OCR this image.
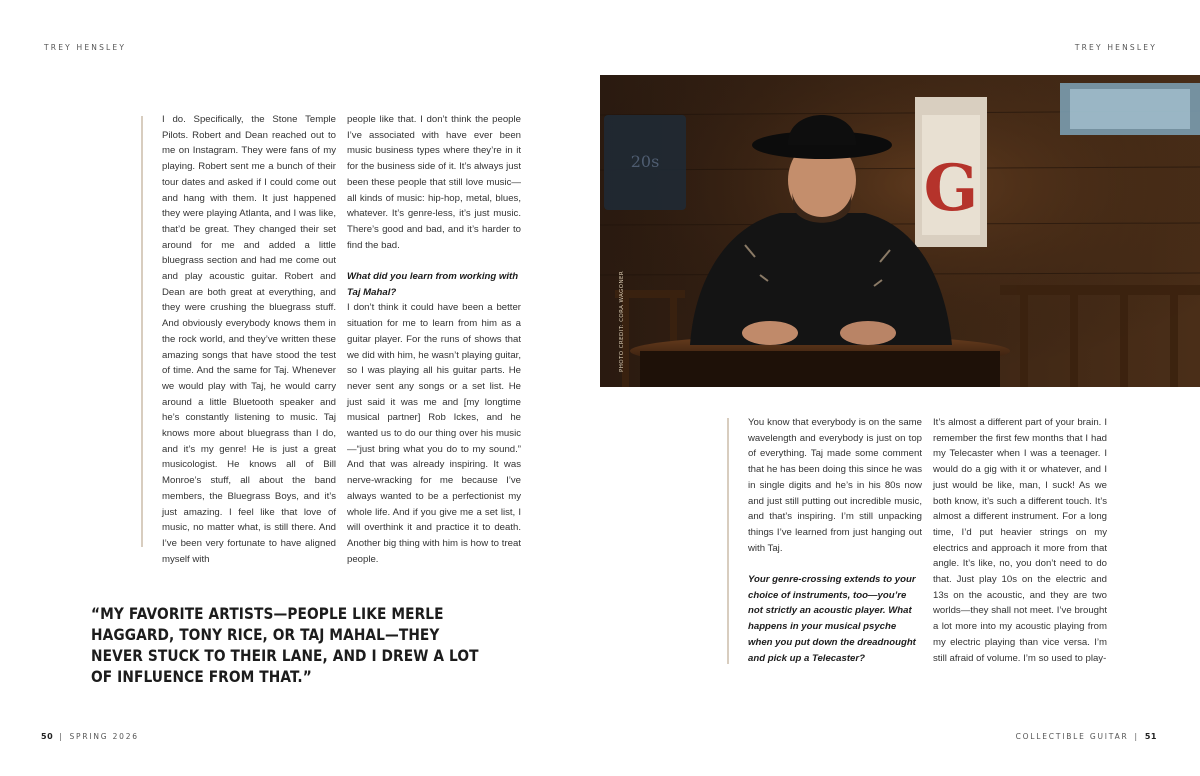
TREY HENSLEY	TREY HENSLEY

I do. Specifically, the Stone Temple Pilots. Robert and Dean reached out to me on Instagram. They were fans of my playing. Robert sent me a bunch of their tour dates and asked if I could come out and hang with them. It just happened they were playing Atlanta, and I was like, that’d be great. They changed their set around for me and added a little bluegrass section and had me come out and play acoustic guitar. Robert and Dean are both great at everything, and they were crushing the bluegrass stuff. And obviously everybody knows them in the rock world, and they’ve written these amazing songs that have stood the test of time. And the same for Taj. Whenever we would play with Taj, he would carry around a little Bluetooth speaker and he’s constantly listening to music. Taj knows more about bluegrass than I do, and it’s my genre! He is just a great musicologist. He knows all of Bill Monroe’s stuff, all about the band members, the Bluegrass Boys, and it’s just amazing. I feel like that love of music, no matter what, is still there. And I’ve been very fortunate to have aligned myself with

people like that. I don’t think the people I’ve associated with have ever been music business types where they’re in it for the business side of it. It’s always just been these people that still love music—all kinds of music: hip-hop, metal, blues, whatever. It’s genre-less, it’s just music. There’s good and bad, and it’s harder to find the bad.

What did you learn from working with Taj Mahal?

I don’t think it could have been a better situation for me to learn from him as a guitar player. For the runs of shows that we did with him, he wasn’t playing guitar, so I was playing all his guitar parts. He never sent any songs or a set list. He just said it was me and [my longtime musical partner] Rob Ickes, and he wanted us to do our thing over his music—“just bring what you do to my sound.” And that was already inspiring. It was nerve-wracking for me because I’ve always wanted to be a perfectionist my whole life. And if you give me a set list, I will overthink it and practice it to death. Another big thing with him is how to treat people.

“MY FAVORITE ARTISTS—PEOPLE LIKE MERLE HAGGARD, TONY RICE, OR TAJ MAHAL—THEY NEVER STUCK TO THEIR LANE, AND I DREW A LOT OF INFLUENCE FROM THAT.”
20s	G
PHOTO CREDIT: CORA WAGONER

You know that everybody is on the same wavelength and everybody is just on top of everything. Taj made some comment that he has been doing this since he was in single digits and he’s in his 80s now and just still putting out incredible music, and that’s inspiring. I’m still unpacking things I’ve learned from just hanging out with Taj.

Your genre-crossing extends to your choice of instruments, too—you’re not strictly an acoustic player. What happens in your musical psyche when you put down the dreadnought and pick up a Telecaster?

It’s almost a different part of your brain. I remember the first few months that I had my Telecaster when I was a teenager. I would do a gig with it or whatever, and I just would be like, man, I suck! As we both know, it’s such a different touch. It’s almost a different instrument. For a long time, I’d put heavier strings on my electrics and approach it more from that angle. It’s like, no, you don’t need to do that. Just play 10s on the electric and 13s on the acoustic, and they are two worlds—they shall not meet. I’ve brought a lot more into my acoustic playing from my electric playing than vice versa. I’m still afraid of volume. I’m so used to play-

50 | SPRING 2026	COLLECTIBLE GUITAR | 51
